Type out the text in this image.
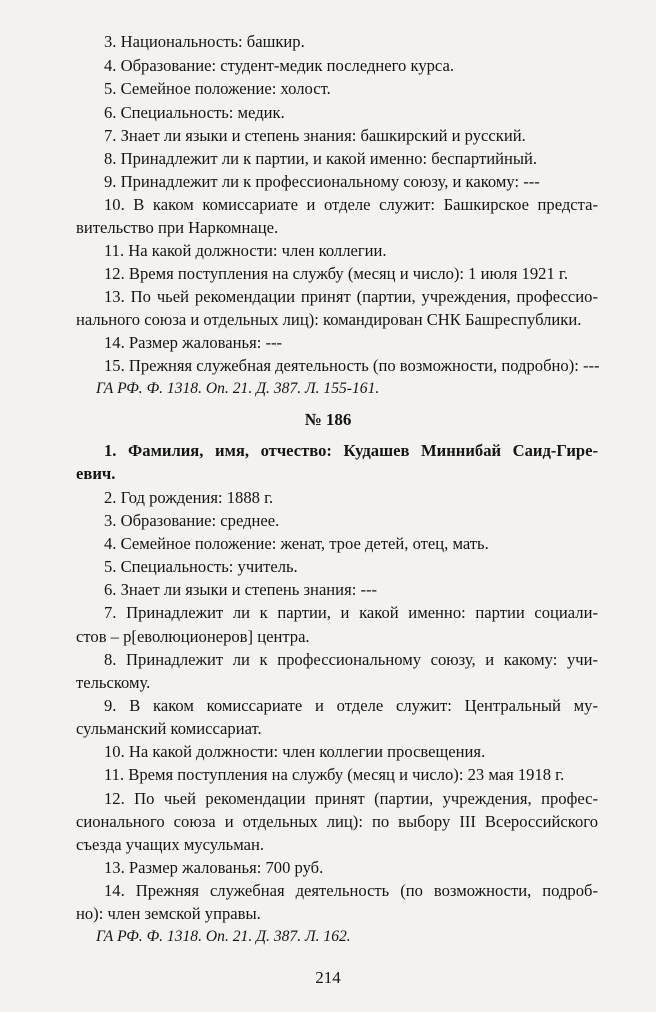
3. Национальность: башкир.
4. Образование: студент-медик последнего курса.
5. Семейное положение: холост.
6. Специальность: медик.
7. Знает ли языки и степень знания: башкирский и русский.
8. Принадлежит ли к партии, и какой именно: беспартийный.
9. Принадлежит ли к профессиональному союзу, и какому: ---
10. В каком комиссариате и отделе служит: Башкирское предста-
вительство при Наркомнаце.
11. На какой должности: член коллегии.
12. Время поступления на службу (месяц и число): 1 июля 1921 г.
13. По чьей рекомендации принят (партии, учреждения, профессио-
нального союза и отдельных лиц): командирован СНК Башреспублики.
14. Размер жалованья: ---
15. Прежняя служебная деятельность (по возможности, подробно): ---
ГА РФ. Ф. 1318. Оп. 21. Д. 387. Л. 155-161.
№ 186
1. Фамилия, имя, отчество: Кудашев Миннибай Саид-Гире-
евич.
2. Год рождения: 1888 г.
3. Образование: среднее.
4. Семейное положение: женат, трое детей, отец, мать.
5. Специальность: учитель.
6. Знает ли языки и степень знания: ---
7. Принадлежит ли к партии, и какой именно: партии социали-
стов – р[еволюционеров] центра.
8. Принадлежит ли к профессиональному союзу, и какому: учи-
тельскому.
9. В каком комиссариате и отделе служит: Центральный му-
сульманский комиссариат.
10. На какой должности: член коллегии просвещения.
11. Время поступления на службу (месяц и число): 23 мая 1918 г.
12. По чьей рекомендации принят (партии, учреждения, профес-
сионального союза и отдельных лиц): по выбору III Всероссийского
съезда учащих мусульман.
13. Размер жалованья: 700 руб.
14. Прежняя служебная деятельность (по возможности, подроб-
но): член земской управы.
ГА РФ. Ф. 1318. Оп. 21. Д. 387. Л. 162.
214
